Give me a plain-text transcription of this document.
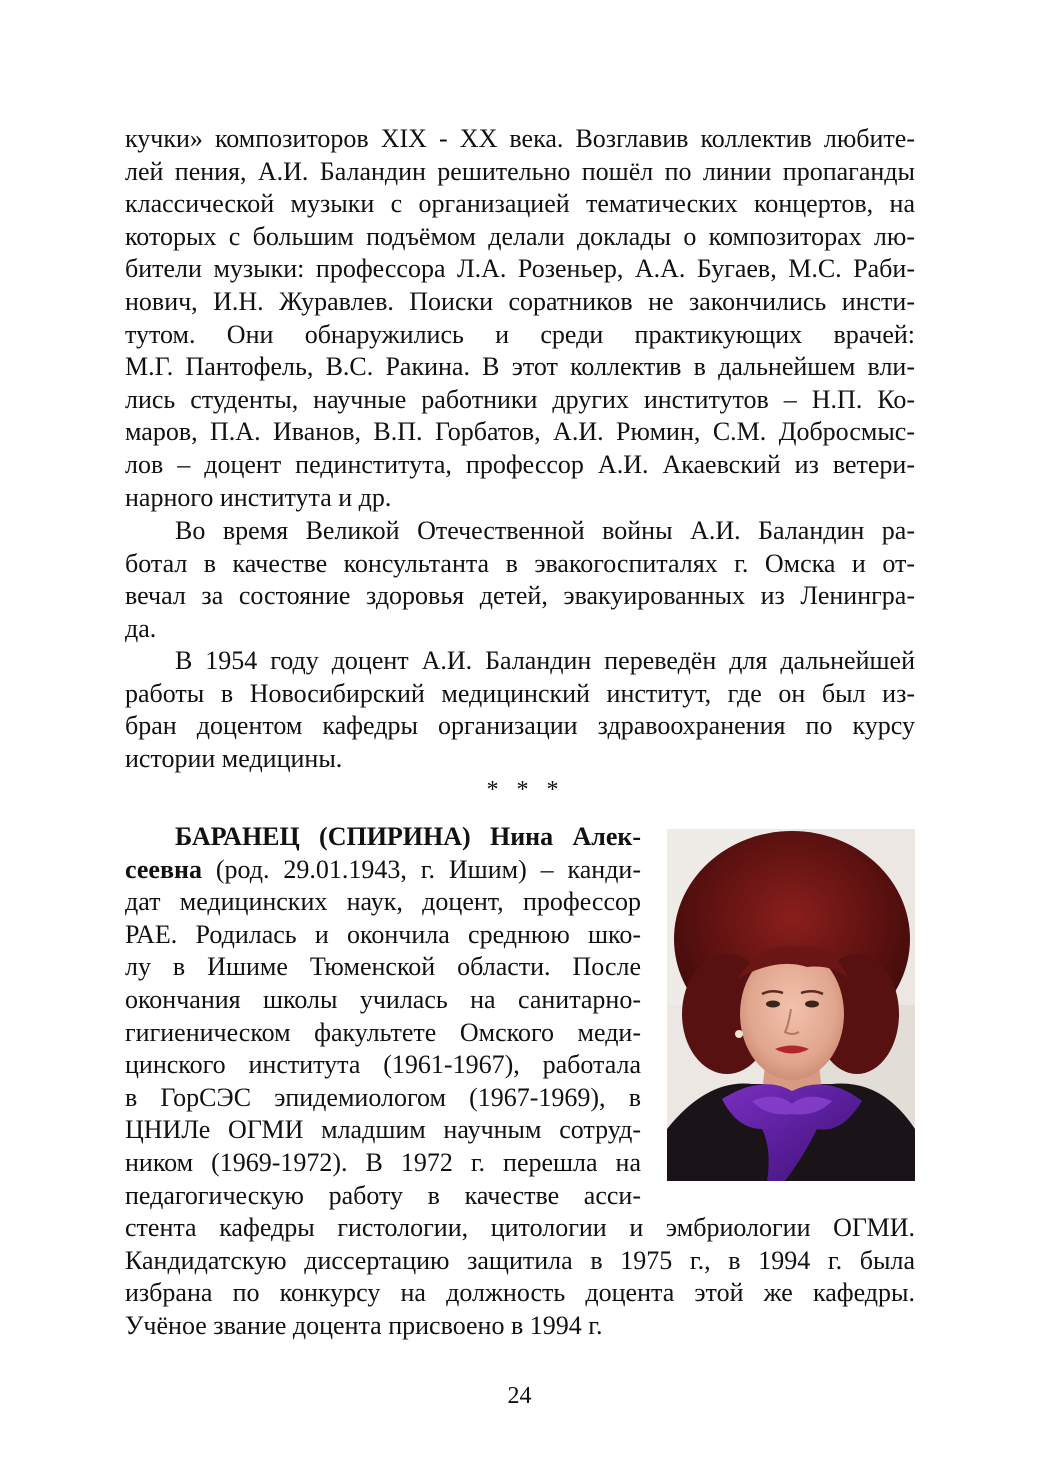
кучки» композиторов XIX - XX века. Возглавив коллектив любите-
лей пения, А.И. Баландин решительно пошёл по линии пропаганды
классической музыки с организацией тематических концертов, на
которых с большим подъёмом делали доклады о композиторах лю-
бители музыки: профессора Л.А. Розеньер, А.А. Бугаев, М.С. Раби-
нович, И.Н. Журавлев. Поиски соратников не закончились инсти-
тутом. Они обнаружились и среди практикующих врачей:
М.Г. Пантофель, В.С. Ракина. В этот коллектив в дальнейшем вли-
лись студенты, научные работники других институтов – Н.П. Ко-
маров, П.А. Иванов, В.П. Горбатов, А.И. Рюмин, С.М. Добросмыс-
лов – доцент пединститута, профессор А.И. Акаевский из ветери-
нарного института и др.
Во время Великой Отечественной войны А.И. Баландин ра-
ботал в качестве консультанта в эвакогоспиталях г. Омска и от-
вечал за состояние здоровья детей, эвакуированных из Ленингра-
да.
В 1954 году доцент А.И. Баландин переведён для дальнейшей
работы в Новосибирский медицинский институт, где он был из-
бран доцентом кафедры организации здравоохранения по курсу
истории медицины.
* * *
БАРАНЕЦ (СПИРИНА) Нина Алек-
сеевна (род. 29.01.1943, г. Ишим) – канди-
дат медицинских наук, доцент, профессор
РАЕ. Родилась и окончила среднюю шко-
лу в Ишиме Тюменской области. После
окончания школы училась на санитарно-
гигиеническом факультете Омского меди-
цинского института (1961-1967), работала
в ГорСЭС эпидемиологом (1967-1969), в
ЦНИЛе ОГМИ младшим научным сотруд-
ником (1969-1972). В 1972 г. перешла на
педагогическую работу в качестве асси-
стента кафедры гистологии, цитологии и эмбриологии ОГМИ.
Кандидатскую диссертацию защитила в 1975 г., в 1994 г. была
избрана по конкурсу на должность доцента этой же кафедры.
Учёное звание доцента присвоено в 1994 г.
24
